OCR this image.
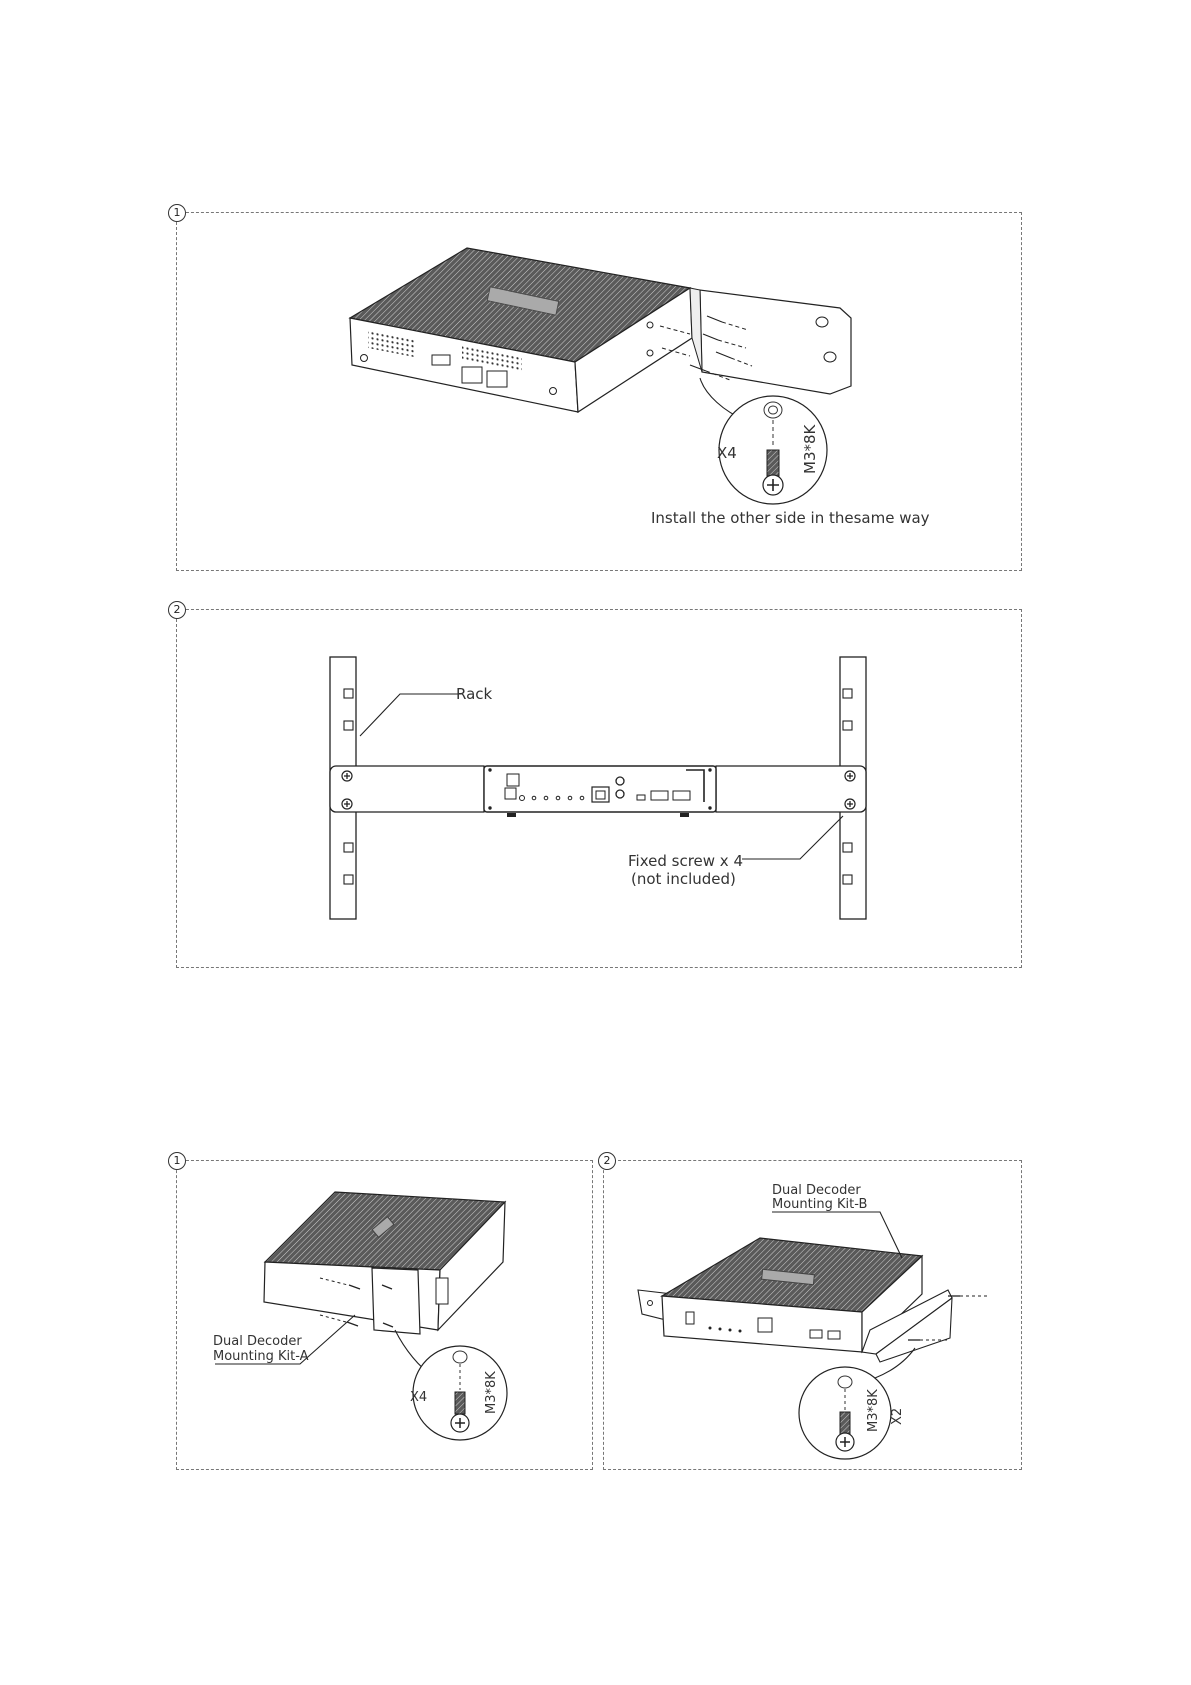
1
X4	M3*8K
Install the other side in thesame way
2
Rack
Fixed screw x 4
(not included)
1
Dual Decoder
Mounting Kit-A
X4	M3*8K
2
Dual Decoder
Mounting Kit-B
M3*8K X2
